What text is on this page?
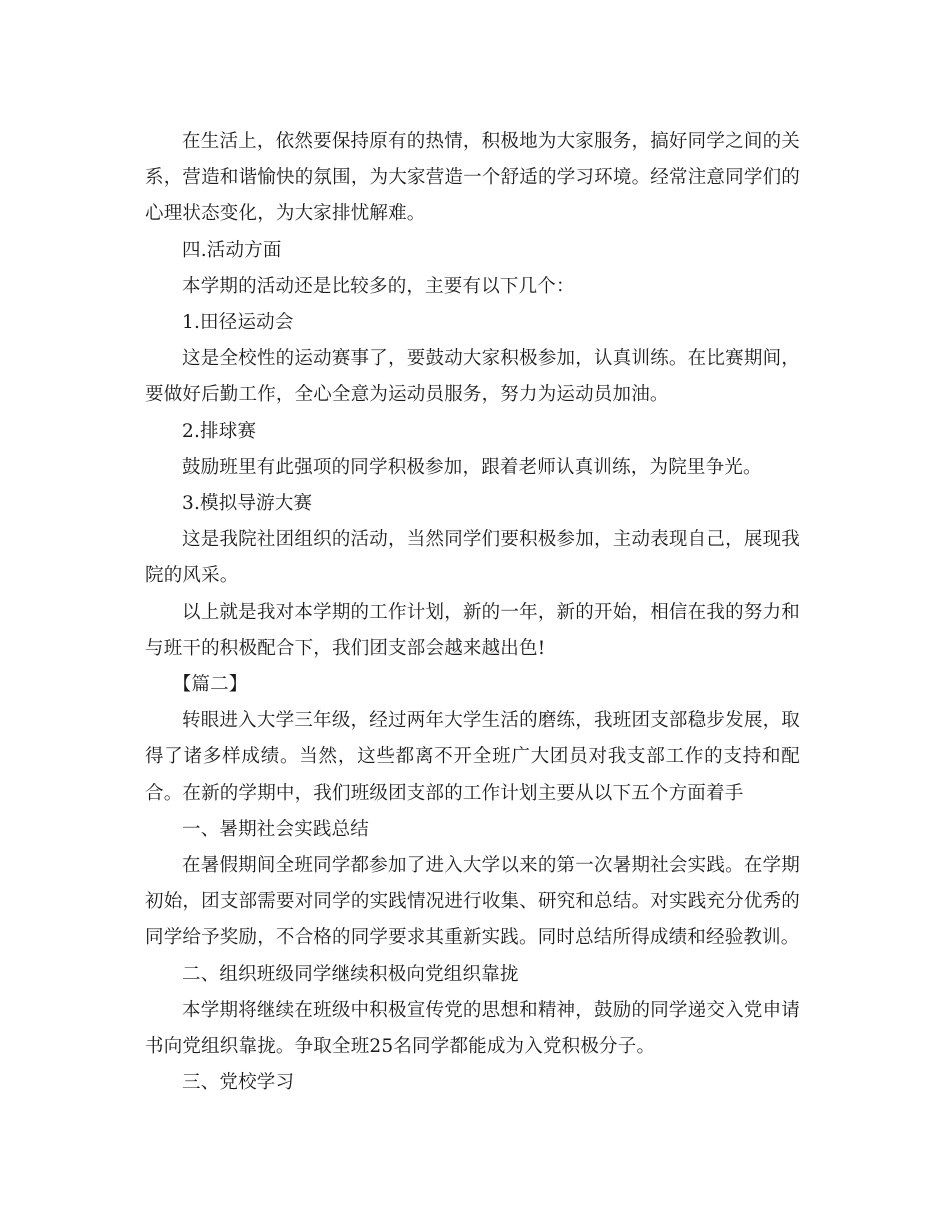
在生活上，依然要保持原有的热情，积极地为大家服务，搞好同学之间的关系，营造和谐愉快的氛围，为大家营造一个舒适的学习环境。经常注意同学们的心理状态变化，为大家排忧解难。

四.活动方面

本学期的活动还是比较多的，主要有以下几个：

1.田径运动会

这是全校性的运动赛事了，要鼓动大家积极参加，认真训练。在比赛期间，要做好后勤工作，全心全意为运动员服务，努力为运动员加油。

2.排球赛

鼓励班里有此强项的同学积极参加，跟着老师认真训练，为院里争光。

3.模拟导游大赛

这是我院社团组织的活动，当然同学们要积极参加，主动表现自己，展现我院的风采。

以上就是我对本学期的工作计划，新的一年，新的开始，相信在我的努力和与班干的积极配合下，我们团支部会越来越出色!

【篇二】

转眼进入大学三年级，经过两年大学生活的磨练，我班团支部稳步发展，取得了诸多样成绩。当然，这些都离不开全班广大团员对我支部工作的支持和配合。在新的学期中，我们班级团支部的工作计划主要从以下五个方面着手

一、暑期社会实践总结

在暑假期间全班同学都参加了进入大学以来的第一次暑期社会实践。在学期初始，团支部需要对同学的实践情况进行收集、研究和总结。对实践充分优秀的同学给予奖励，不合格的同学要求其重新实践。同时总结所得成绩和经验教训。

二、组织班级同学继续积极向党组织靠拢

本学期将继续在班级中积极宣传党的思想和精神，鼓励的同学递交入党申请书向党组织靠拢。争取全班25名同学都能成为入党积极分子。

三、党校学习
